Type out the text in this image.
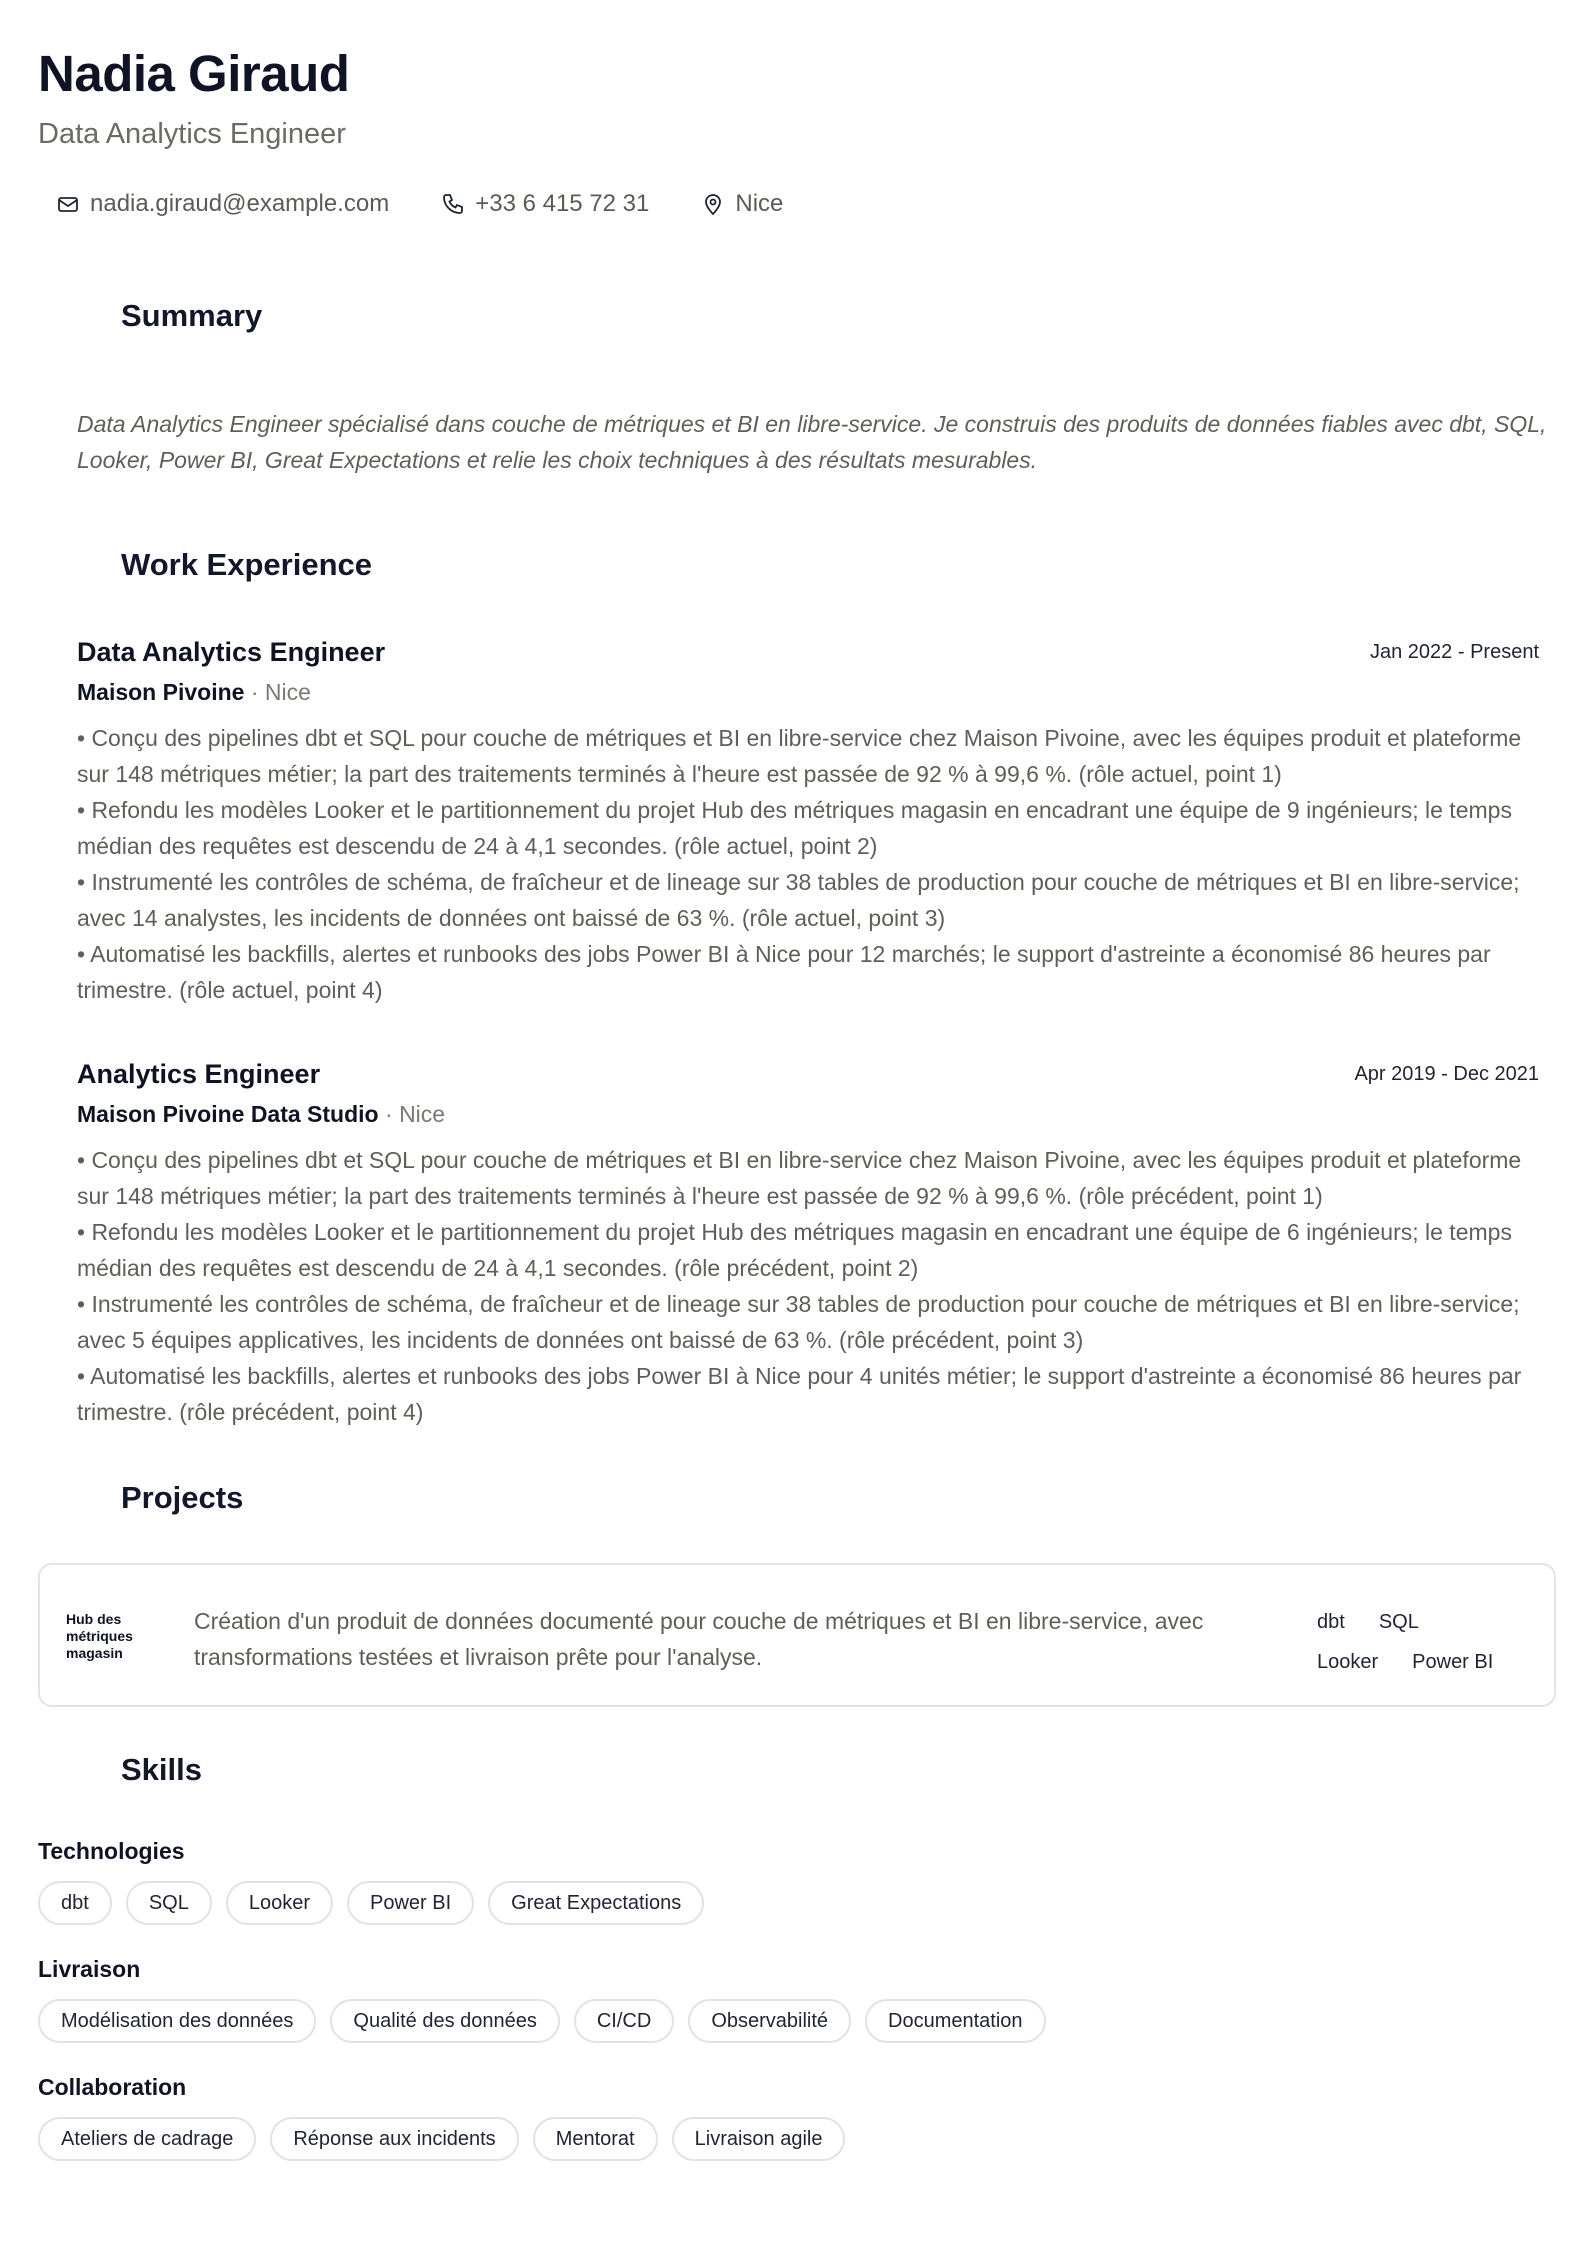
Nadia Giraud
Data Analytics Engineer
nadia.giraud@example.com	+33 6 415 72 31	Nice
Summary
Data Analytics Engineer spécialisé dans couche de métriques et BI en libre-service. Je construis des produits de données fiables avec dbt, SQL, Looker, Power BI, Great Expectations et relie les choix techniques à des résultats mesurables.
Work Experience
Data Analytics Engineer	Jan 2022 - Present
Maison Pivoine · Nice
• Conçu des pipelines dbt et SQL pour couche de métriques et BI en libre-service chez Maison Pivoine, avec les équipes produit et plateforme sur 148 métriques métier; la part des traitements terminés à l'heure est passée de 92 % à 99,6 %. (rôle actuel, point 1)
• Refondu les modèles Looker et le partitionnement du projet Hub des métriques magasin en encadrant une équipe de 9 ingénieurs; le temps médian des requêtes est descendu de 24 à 4,1 secondes. (rôle actuel, point 2)
• Instrumenté les contrôles de schéma, de fraîcheur et de lineage sur 38 tables de production pour couche de métriques et BI en libre-service; avec 14 analystes, les incidents de données ont baissé de 63 %. (rôle actuel, point 3)
• Automatisé les backfills, alertes et runbooks des jobs Power BI à Nice pour 12 marchés; le support d'astreinte a économisé 86 heures par trimestre. (rôle actuel, point 4)
Analytics Engineer	Apr 2019 - Dec 2021
Maison Pivoine Data Studio · Nice
• Conçu des pipelines dbt et SQL pour couche de métriques et BI en libre-service chez Maison Pivoine, avec les équipes produit et plateforme sur 148 métriques métier; la part des traitements terminés à l'heure est passée de 92 % à 99,6 %. (rôle précédent, point 1)
• Refondu les modèles Looker et le partitionnement du projet Hub des métriques magasin en encadrant une équipe de 6 ingénieurs; le temps médian des requêtes est descendu de 24 à 4,1 secondes. (rôle précédent, point 2)
• Instrumenté les contrôles de schéma, de fraîcheur et de lineage sur 38 tables de production pour couche de métriques et BI en libre-service; avec 5 équipes applicatives, les incidents de données ont baissé de 63 %. (rôle précédent, point 3)
• Automatisé les backfills, alertes et runbooks des jobs Power BI à Nice pour 4 unités métier; le support d'astreinte a économisé 86 heures par trimestre. (rôle précédent, point 4)
Projects
Hub des métriques magasin
Création d'un produit de données documenté pour couche de métriques et BI en libre-service, avec transformations testées et livraison prête pour l'analyse.
dbt SQL
Looker Power BI
Skills
Technologies
dbt	SQL	Looker	Power BI	Great Expectations
Livraison
Modélisation des données	Qualité des données	CI/CD	Observabilité	Documentation
Collaboration
Ateliers de cadrage	Réponse aux incidents	Mentorat	Livraison agile
